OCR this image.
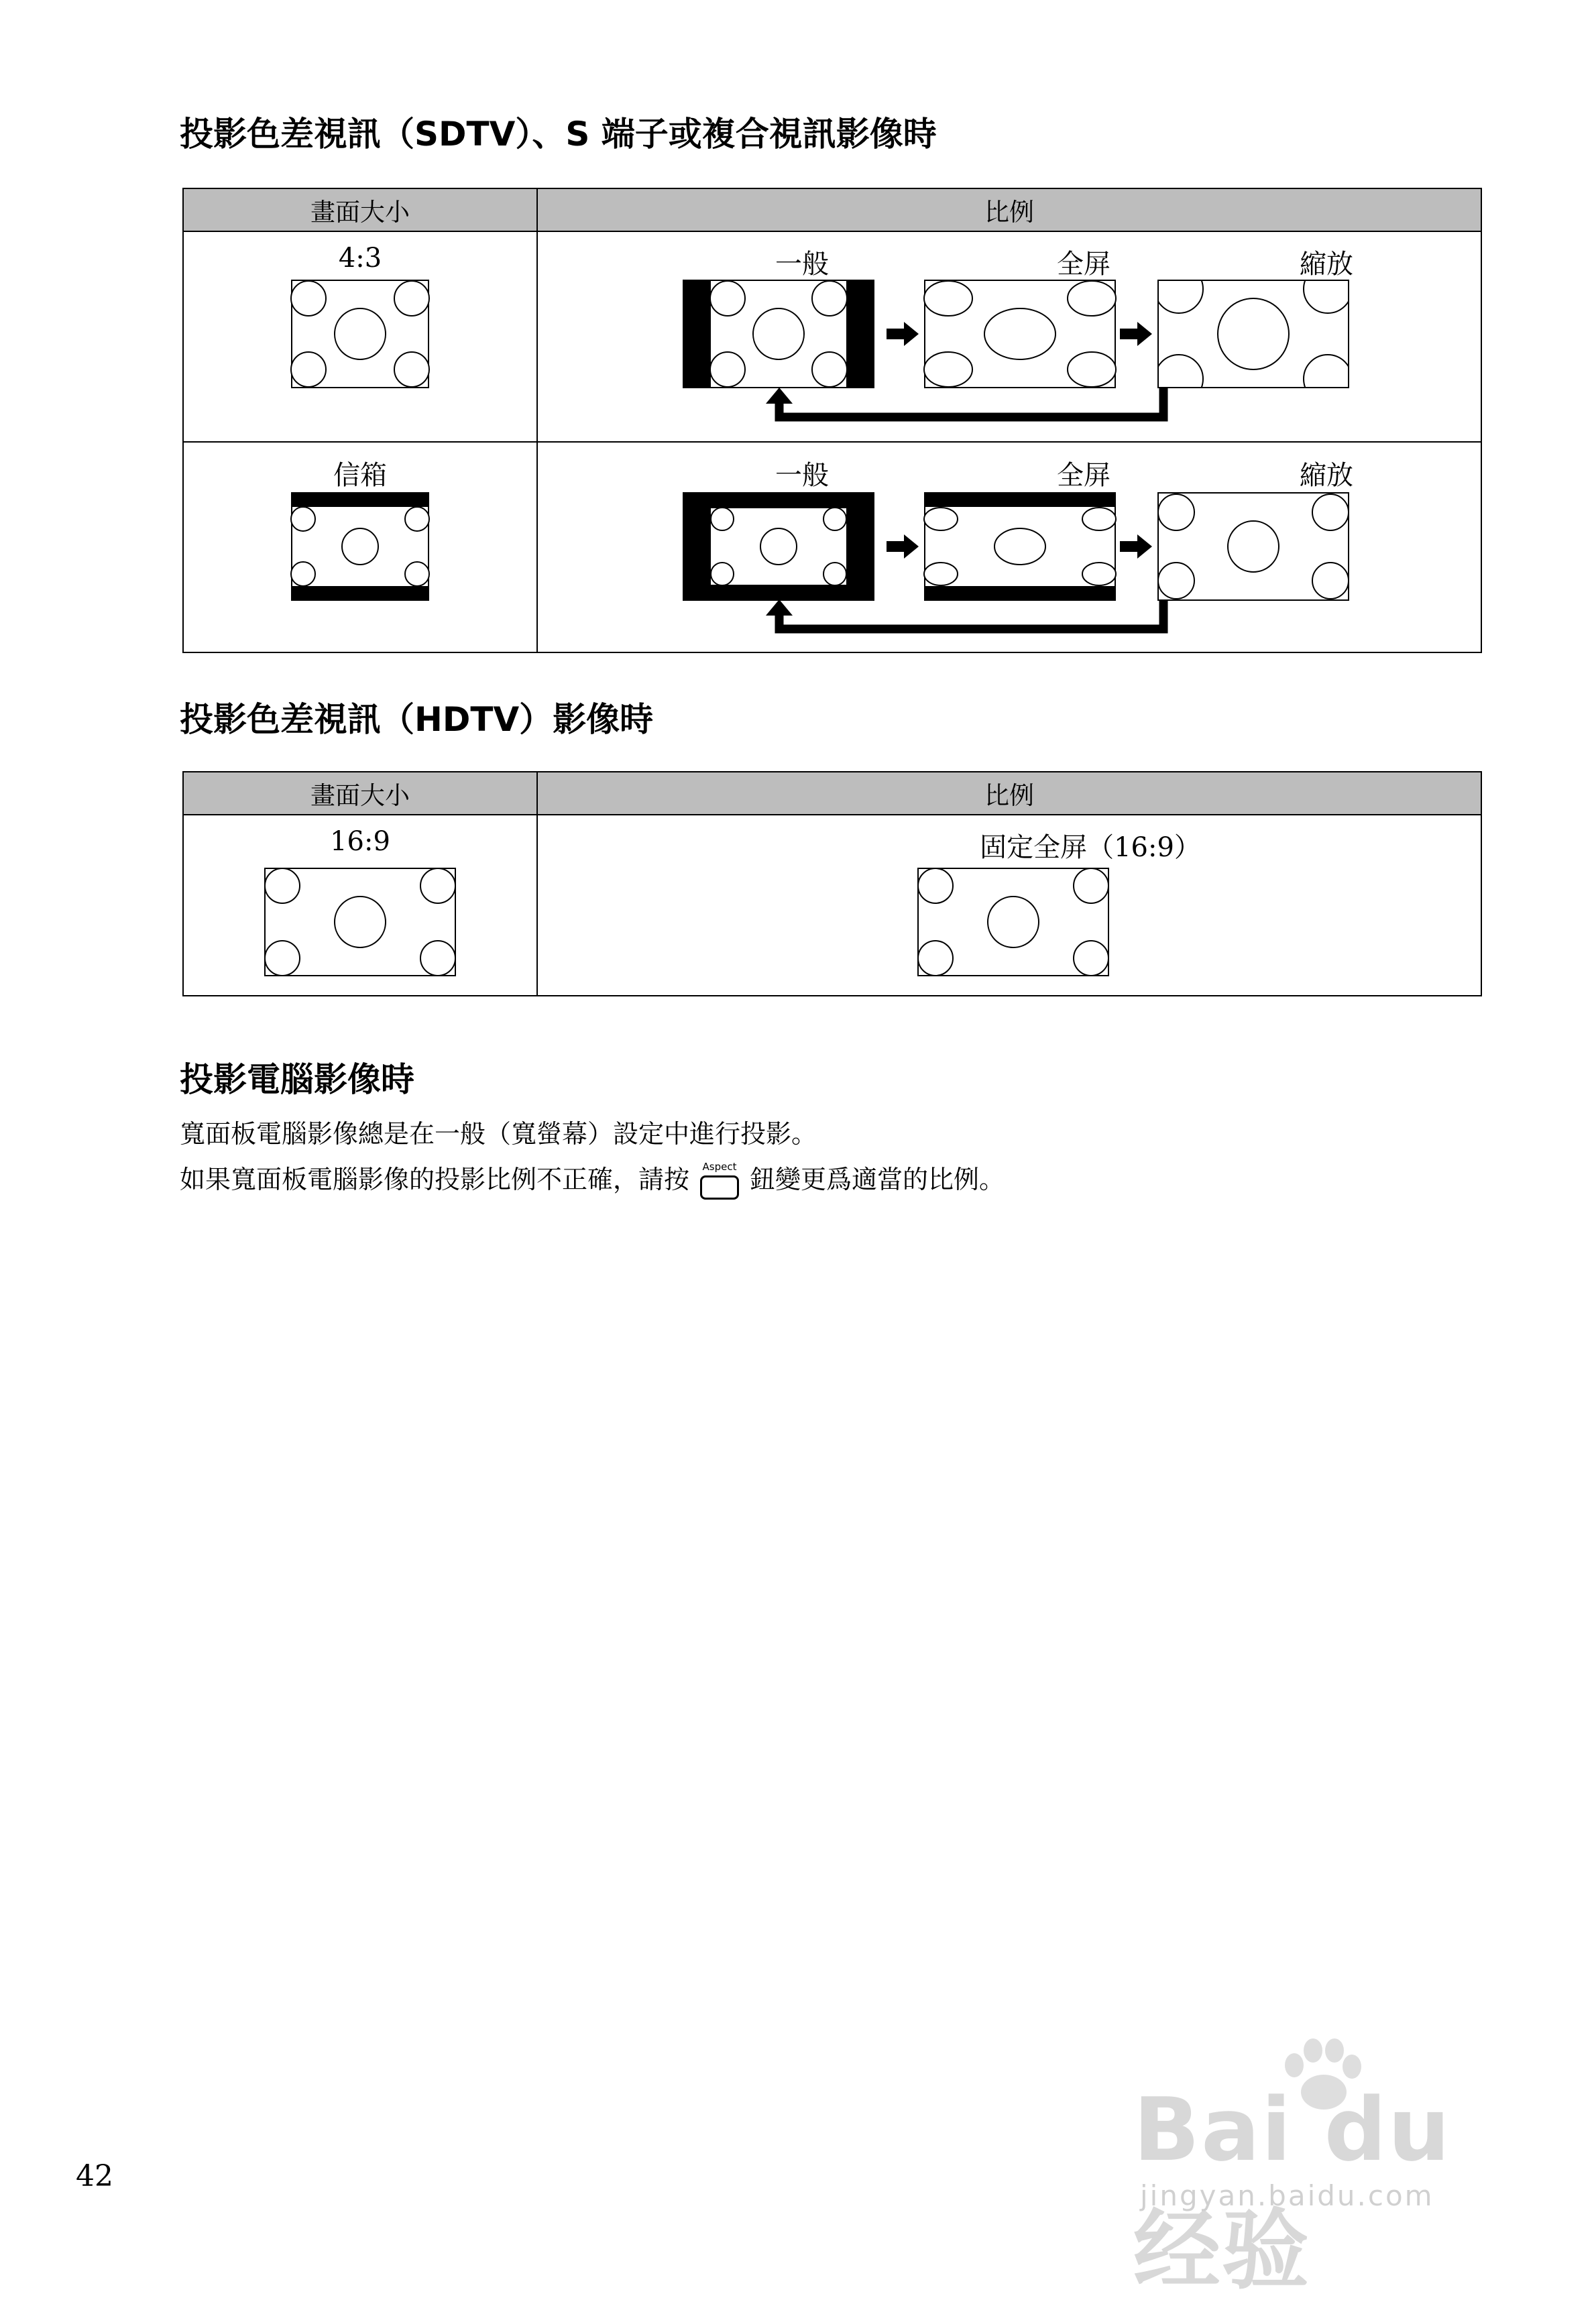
投影色差視訊（SDTV）、S 端子或複合視訊影像時
畫面大小	比例
4:3	一般	全屏	縮放
信箱	一般	全屏	縮放
投影色差視訊（HDTV）影像時
畫面大小	比例
16:9	固定全屏（16:9）
投影電腦影像時

寬面板電腦影像總是在一般（寬螢幕）設定中進行投影。

如果寬面板電腦影像的投影比例不正確，請按	Aspect 鈕變更爲適當的比例。

42	Bai du 经验
jingyan.baidu.com
